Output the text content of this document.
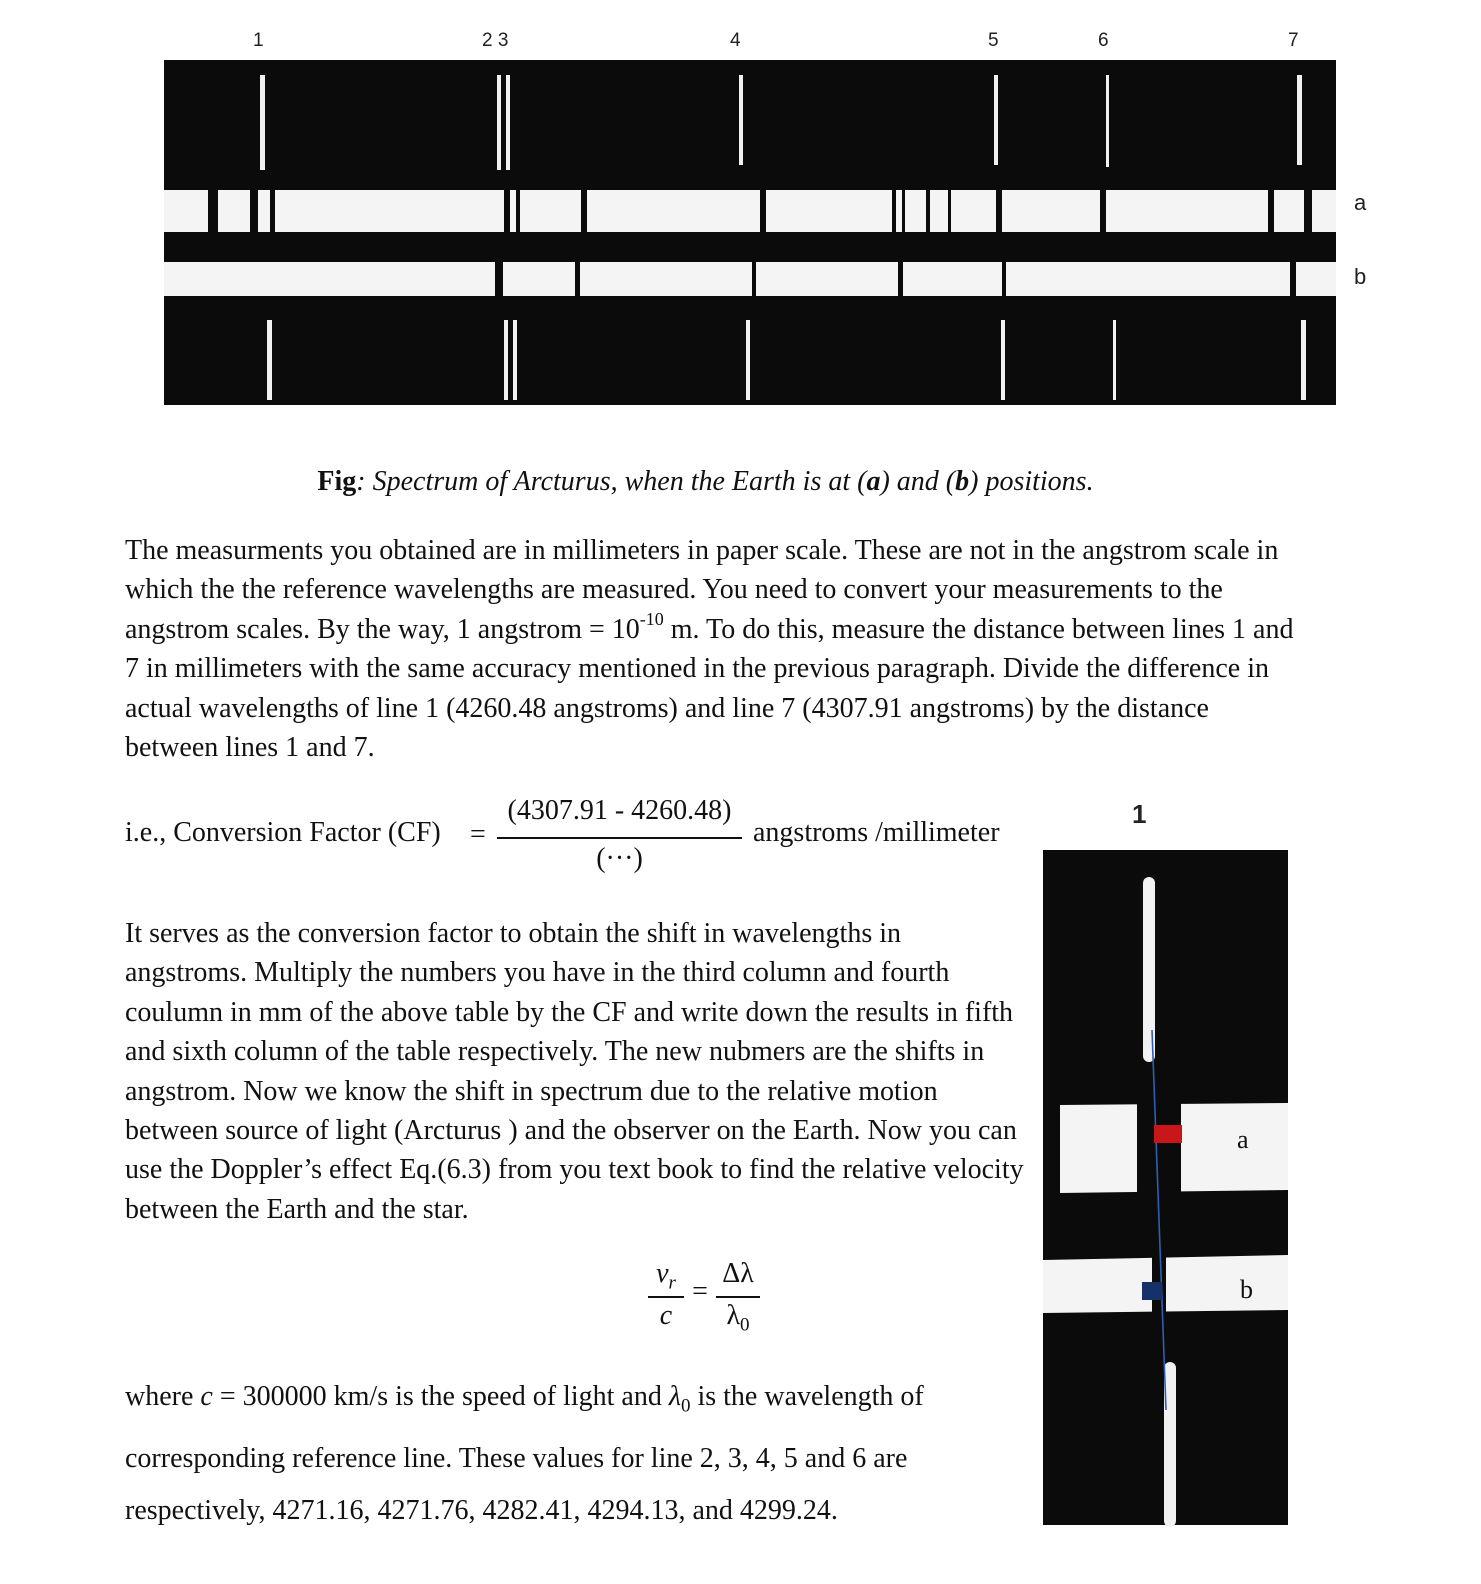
1	2 3	4	5	6	7
a
b
Fig: Spectrum of Arcturus, when the Earth is at (a) and (b) positions.
The measurments you obtained are in millimeters in paper scale. These are not in the angstrom scale in which the the reference wavelengths are measured. You need to convert your measurements to the angstrom scales. By the way, 1 angstrom = $10^{-10}$ m. To do this, measure the distance between lines 1 and 7 in millimeters with the same accuracy mentioned in the previous paragraph. Divide the difference in actual wavelengths of line 1 (4260.48 angstroms) and line 7 (4307.91 angstroms) by the distance between lines 1 and 7.
i.e., Conversion Factor (CF) =
(4307.91 - 4260.48)
(···)
angstroms /millimeter
It serves as the conversion factor to obtain the shift in wavelengths in angstroms. Multiply the numbers you have in the third column and fourth coulumn in mm of the above table by the CF and write down the results in fifth and sixth column of the table respectively. The new nubmers are the shifts in angstrom. Now we know the shift in spectrum due to the relative motion between source of light (Arcturus ) and the observer on the Earth. Now you can use the Doppler’s effect Eq.(6.3) from you text book to find the relative velocity between the Earth and the star.
$v_r$
c
=
Δλ
$\lambda_0$
where c = 300000 km/s is the speed of light and $\lambda_0$ is the wavelength of corresponding reference line. These values for line 2, 3, 4, 5 and 6 are respectively, 4271.16, 4271.76, 4282.41, 4294.13, and 4299.24.
1
a
b
